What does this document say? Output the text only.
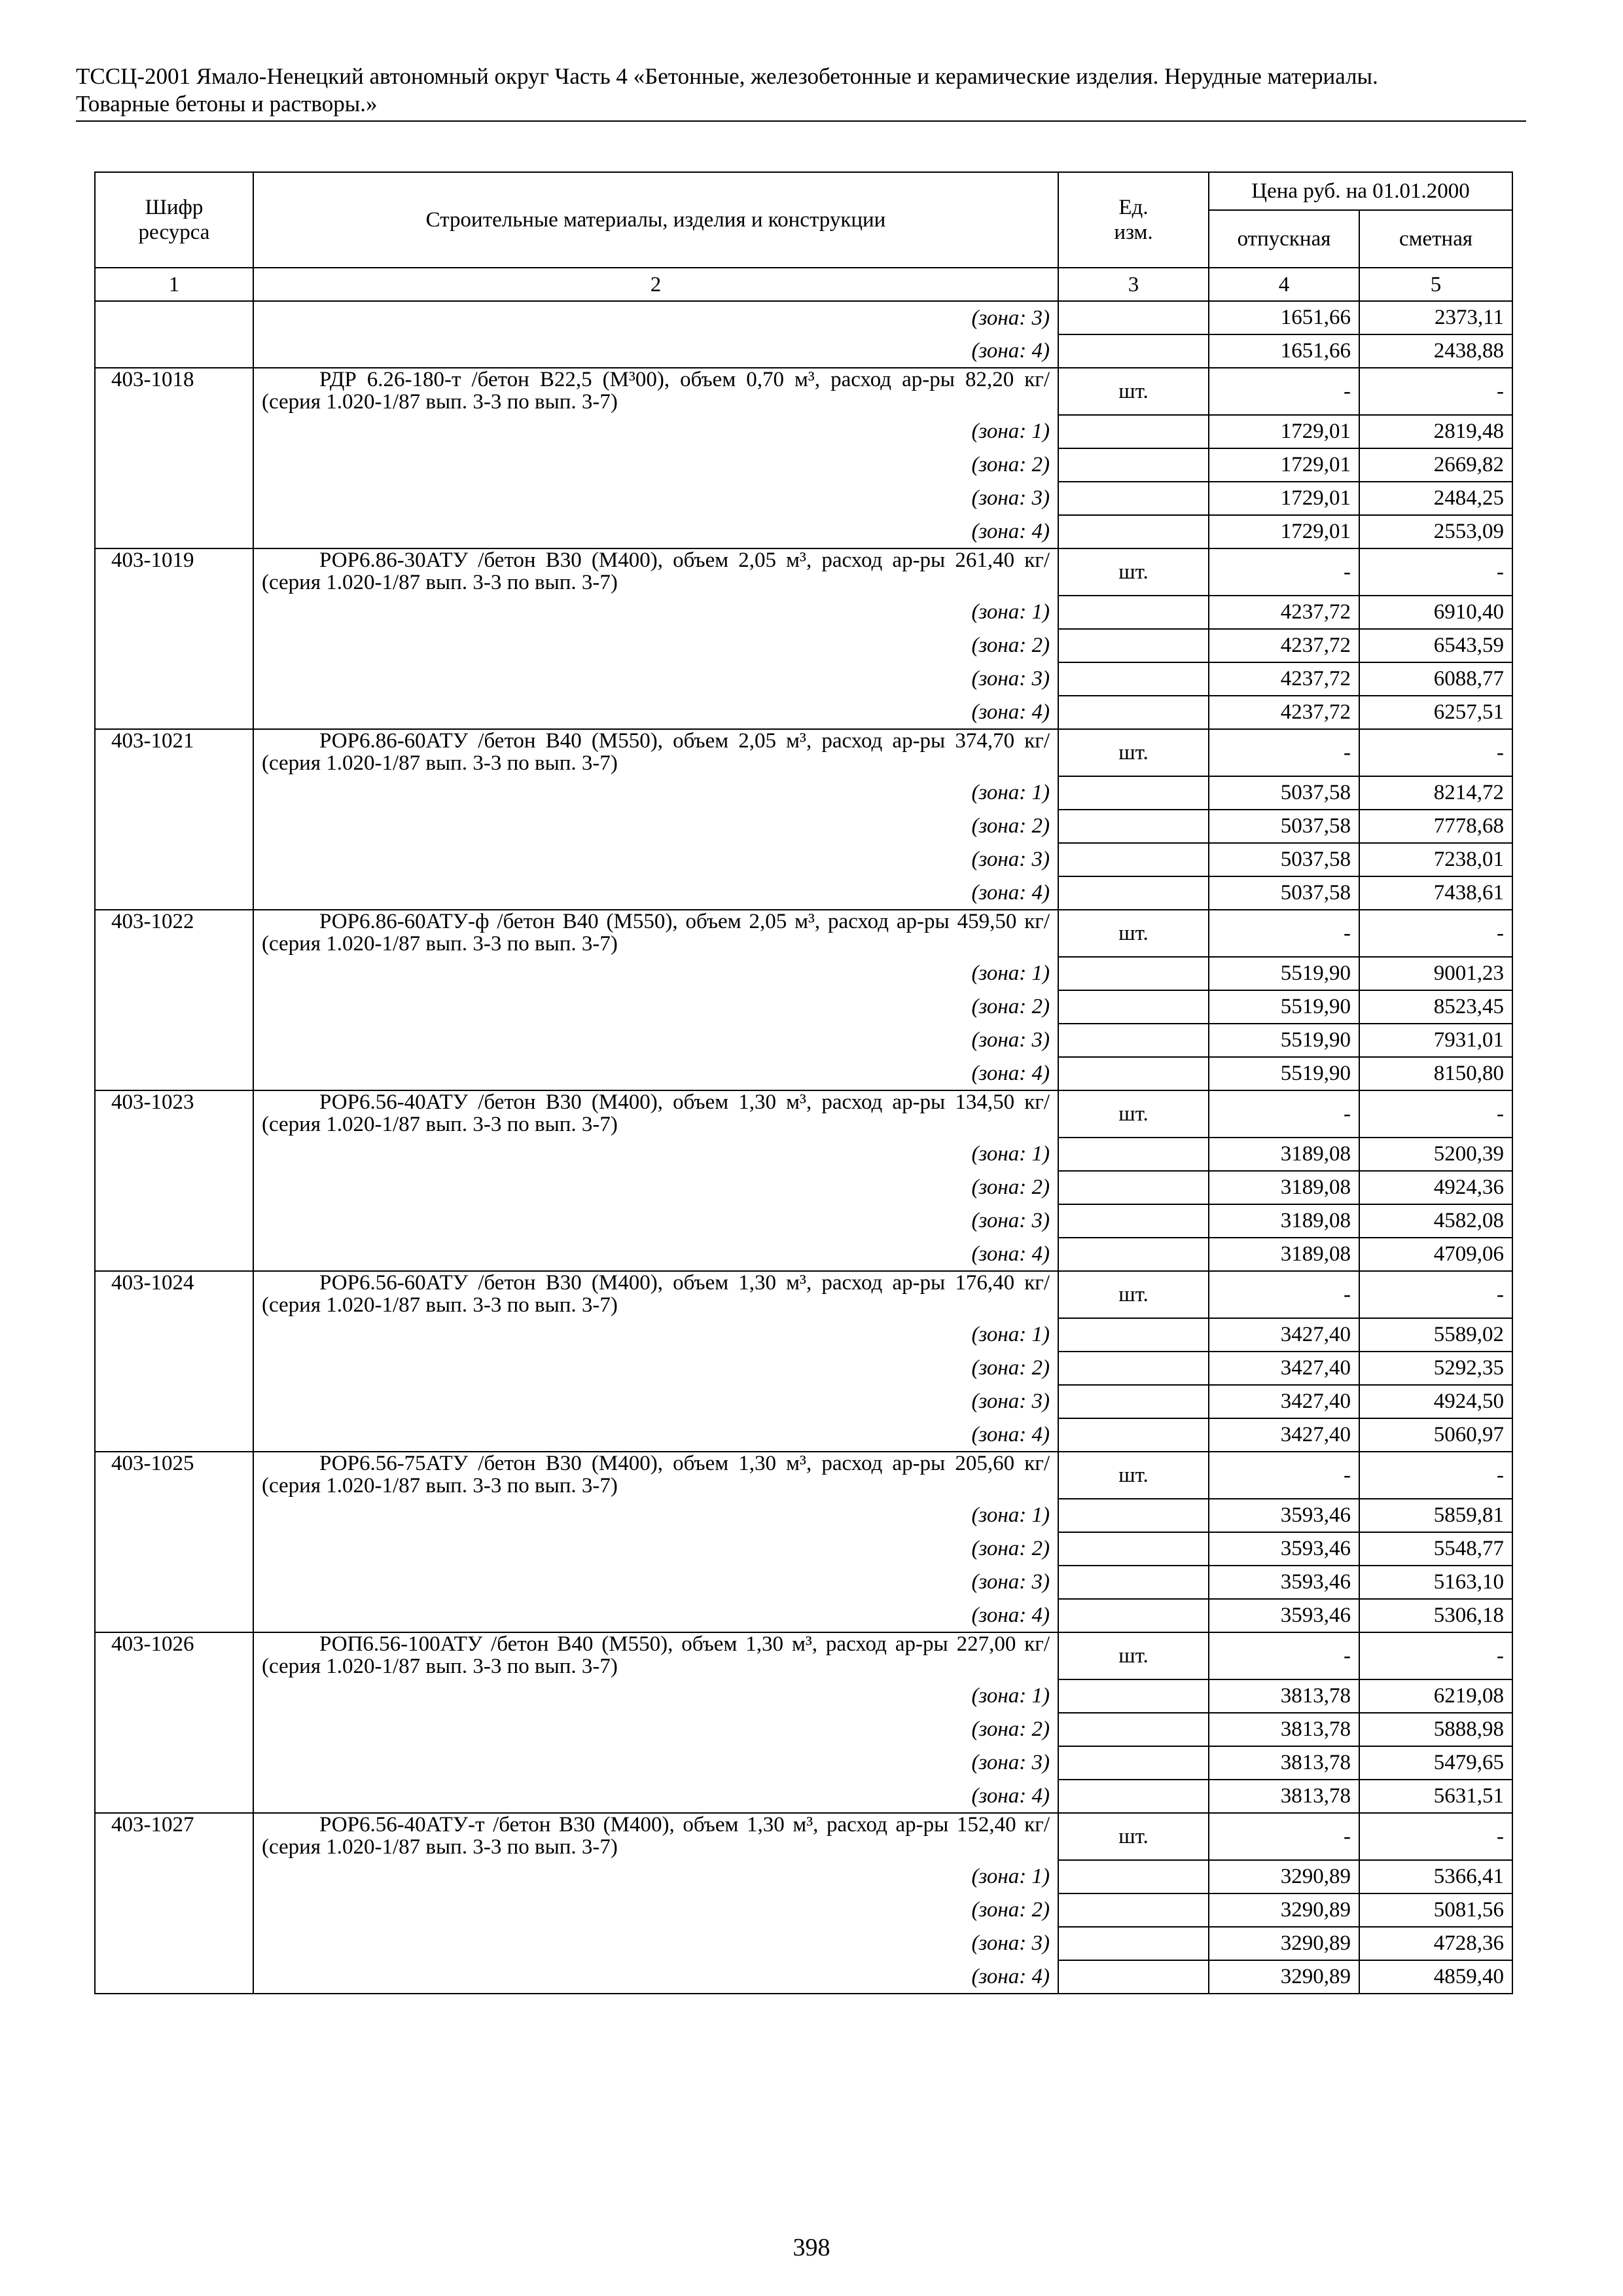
ТССЦ-2001 Ямало-Ненецкий автономный округ Часть 4 «Бетонные, железобетонные и керамические изделия. Нерудные материалы.
Товарные бетоны и растворы.»
Шифр ресурса	Строительные материалы, изделия и конструкции	Ед. изм.	Цена руб. на 01.01.2000	
			отпускная	сметная
1	2	3	4	5
	(зона: 3)		1651,66	2373,11
	(зона: 4)		1651,66	2438,88
403-1018	РДР 6.26-180-т /бетон В22,5 (М³00), объем 0,70 м³, расход ар-ры 82,20 кг/ (серия 1.020-1/87 вып. 3-3 по вып. 3-7)	шт.	-	-
	(зона: 1)		1729,01	2819,48
	(зона: 2)		1729,01	2669,82
	(зона: 3)		1729,01	2484,25
	(зона: 4)		1729,01	2553,09
403-1019	РОР6.86-30АТУ /бетон В30 (М400), объем 2,05 м³, расход ар-ры 261,40 кг/ (серия 1.020-1/87 вып. 3-3 по вып. 3-7)	шт.	-	-
	(зона: 1)		4237,72	6910,40
	(зона: 2)		4237,72	6543,59
	(зона: 3)		4237,72	6088,77
	(зона: 4)		4237,72	6257,51
403-1021	РОР6.86-60АТУ /бетон В40 (М550), объем 2,05 м³, расход ар-ры 374,70 кг/ (серия 1.020-1/87 вып. 3-3 по вып. 3-7)	шт.	-	-
	(зона: 1)		5037,58	8214,72
	(зона: 2)		5037,58	7778,68
	(зона: 3)		5037,58	7238,01
	(зона: 4)		5037,58	7438,61
403-1022	РОР6.86-60АТУ-ф /бетон В40 (М550), объем 2,05 м³, расход ар-ры 459,50 кг/ (серия 1.020-1/87 вып. 3-3 по вып. 3-7)	шт.	-	-
	(зона: 1)		5519,90	9001,23
	(зона: 2)		5519,90	8523,45
	(зона: 3)		5519,90	7931,01
	(зона: 4)		5519,90	8150,80
403-1023	РОР6.56-40АТУ /бетон В30 (М400), объем 1,30 м³, расход ар-ры 134,50 кг/ (серия 1.020-1/87 вып. 3-3 по вып. 3-7)	шт.	-	-
	(зона: 1)		3189,08	5200,39
	(зона: 2)		3189,08	4924,36
	(зона: 3)		3189,08	4582,08
	(зона: 4)		3189,08	4709,06
403-1024	РОР6.56-60АТУ /бетон В30 (М400), объем 1,30 м³, расход ар-ры 176,40 кг/ (серия 1.020-1/87 вып. 3-3 по вып. 3-7)	шт.	-	-
	(зона: 1)		3427,40	5589,02
	(зона: 2)		3427,40	5292,35
	(зона: 3)		3427,40	4924,50
	(зона: 4)		3427,40	5060,97
403-1025	РОР6.56-75АТУ /бетон В30 (М400), объем 1,30 м³, расход ар-ры 205,60 кг/ (серия 1.020-1/87 вып. 3-3 по вып. 3-7)	шт.	-	-
	(зона: 1)		3593,46	5859,81
	(зона: 2)		3593,46	5548,77
	(зона: 3)		3593,46	5163,10
	(зона: 4)		3593,46	5306,18
403-1026	РОП6.56-100АТУ /бетон В40 (М550), объем 1,30 м³, расход ар-ры 227,00 кг/ (серия 1.020-1/87 вып. 3-3 по вып. 3-7)	шт.	-	-
	(зона: 1)		3813,78	6219,08
	(зона: 2)		3813,78	5888,98
	(зона: 3)		3813,78	5479,65
	(зона: 4)		3813,78	5631,51
403-1027	РОР6.56-40АТУ-т /бетон В30 (М400), объем 1,30 м³, расход ар-ры 152,40 кг/ (серия 1.020-1/87 вып. 3-3 по вып. 3-7)	шт.	-	-
	(зона: 1)		3290,89	5366,41
	(зона: 2)		3290,89	5081,56
	(зона: 3)		3290,89	4728,36
	(зона: 4)		3290,89	4859,40
398
